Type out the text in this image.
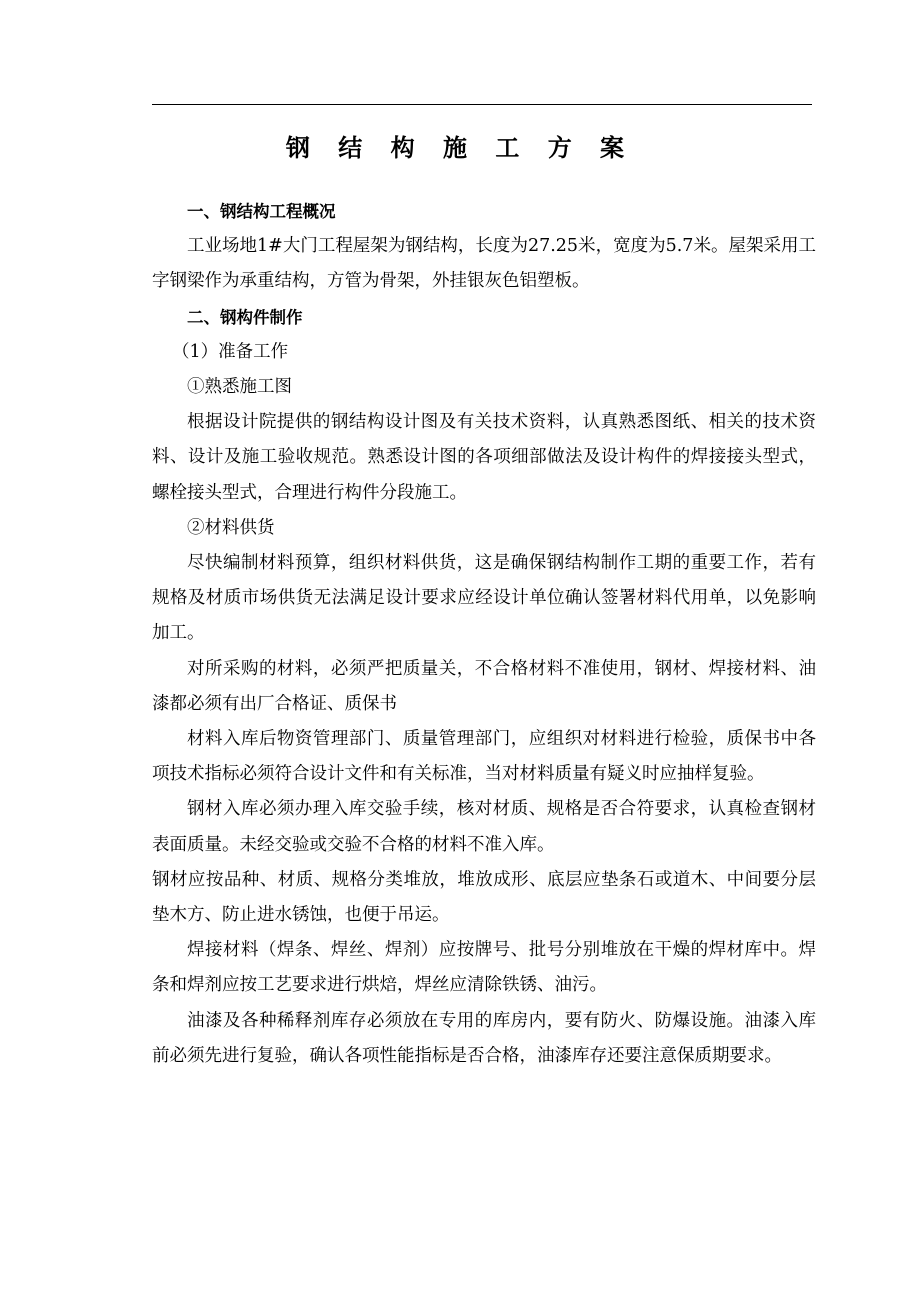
钢 结 构 施 工 方 案

一、钢结构工程概况

工业场地1#大门工程屋架为钢结构，长度为27.25米，宽度为5.7米。屋架采用工字钢梁作为承重结构，方管为骨架，外挂银灰色铝塑板。

二、钢构件制作

（1）准备工作

①熟悉施工图

根据设计院提供的钢结构设计图及有关技术资料，认真熟悉图纸、相关的技术资料、设计及施工验收规范。熟悉设计图的各项细部做法及设计构件的焊接接头型式，螺栓接头型式，合理进行构件分段施工。

②材料供货

尽快编制材料预算，组织材料供货，这是确保钢结构制作工期的重要工作，若有规格及材质市场供货无法满足设计要求应经设计单位确认签署材料代用单，以免影响加工。

对所采购的材料，必须严把质量关，不合格材料不准使用，钢材、焊接材料、油漆都必须有出厂合格证、质保书

材料入库后物资管理部门、质量管理部门，应组织对材料进行检验，质保书中各项技术指标必须符合设计文件和有关标准，当对材料质量有疑义时应抽样复验。

钢材入库必须办理入库交验手续，核对材质、规格是否合符要求，认真检查钢材表面质量。未经交验或交验不合格的材料不准入库。

钢材应按品种、材质、规格分类堆放，堆放成形、底层应垫条石或道木、中间要分层垫木方、防止进水锈蚀，也便于吊运。

焊接材料（焊条、焊丝、焊剂）应按牌号、批号分别堆放在干燥的焊材库中。焊条和焊剂应按工艺要求进行烘焙，焊丝应清除铁锈、油污。

油漆及各种稀释剂库存必须放在专用的库房内，要有防火、防爆设施。油漆入库前必须先进行复验，确认各项性能指标是否合格，油漆库存还要注意保质期要求。
